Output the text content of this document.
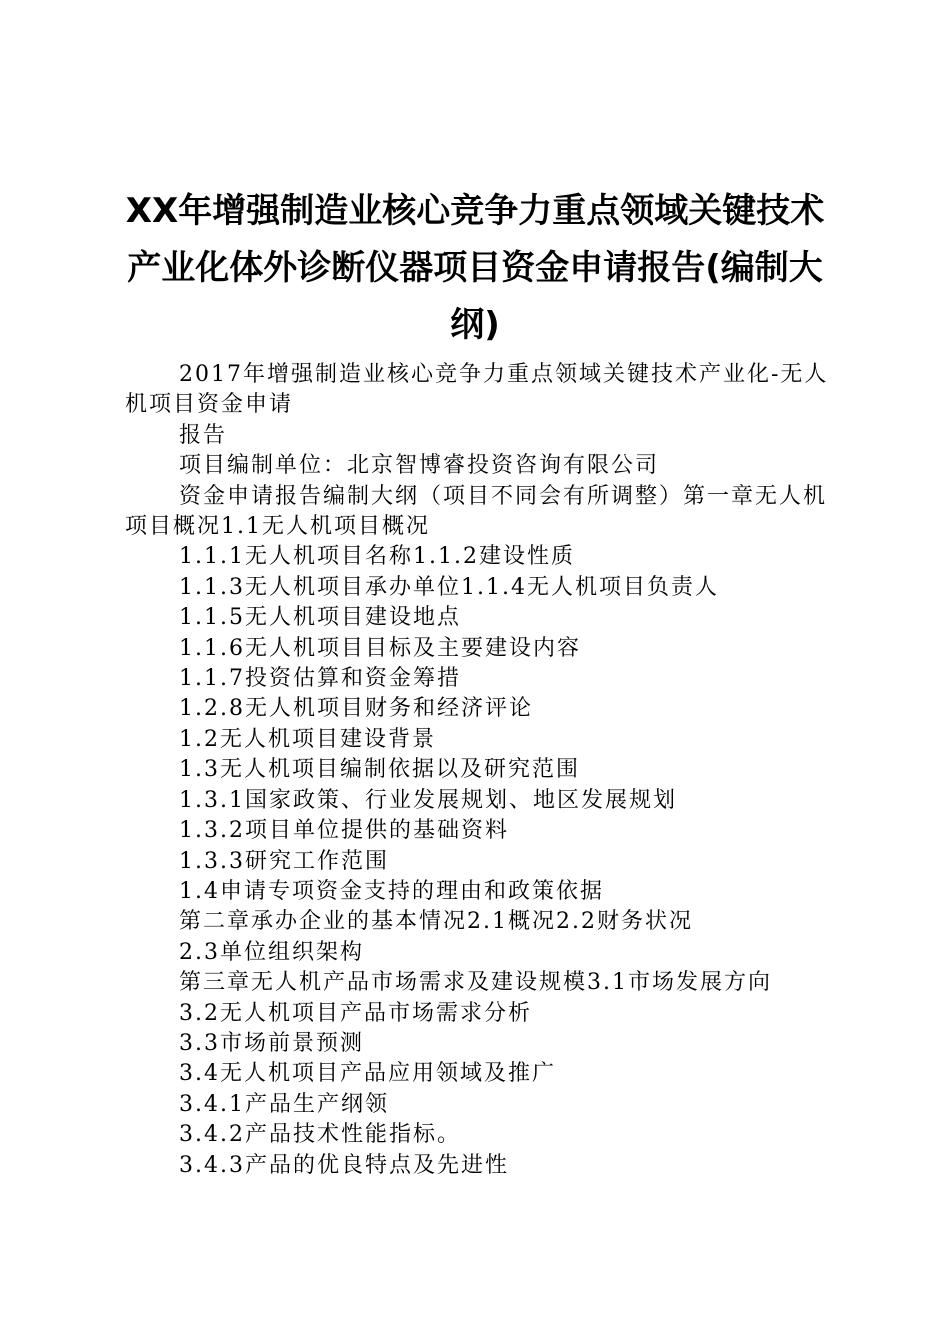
XX年增强制造业核心竞争力重点领域关键技术产业化体外诊断仪器项目资金申请报告(编制大纲)

2017年增强制造业核心竞争力重点领域关键技术产业化-无人机项目资金申请

报告

项目编制单位：北京智博睿投资咨询有限公司

资金申请报告编制大纲（项目不同会有所调整）第一章无人机项目概况1.1无人机项目概况

1.1.1无人机项目名称1.1.2建设性质

1.1.3无人机项目承办单位1.1.4无人机项目负责人

1.1.5无人机项目建设地点

1.1.6无人机项目目标及主要建设内容

1.1.7投资估算和资金筹措

1.2.8无人机项目财务和经济评论

1.2无人机项目建设背景

1.3无人机项目编制依据以及研究范围

1.3.1国家政策、行业发展规划、地区发展规划

1.3.2项目单位提供的基础资料

1.3.3研究工作范围

1.4申请专项资金支持的理由和政策依据

第二章承办企业的基本情况2.1概况2.2财务状况

2.3单位组织架构

第三章无人机产品市场需求及建设规模3.1市场发展方向

3.2无人机项目产品市场需求分析

3.3市场前景预测

3.4无人机项目产品应用领域及推广

3.4.1产品生产纲领

3.4.2产品技术性能指标。

3.4.3产品的优良特点及先进性
